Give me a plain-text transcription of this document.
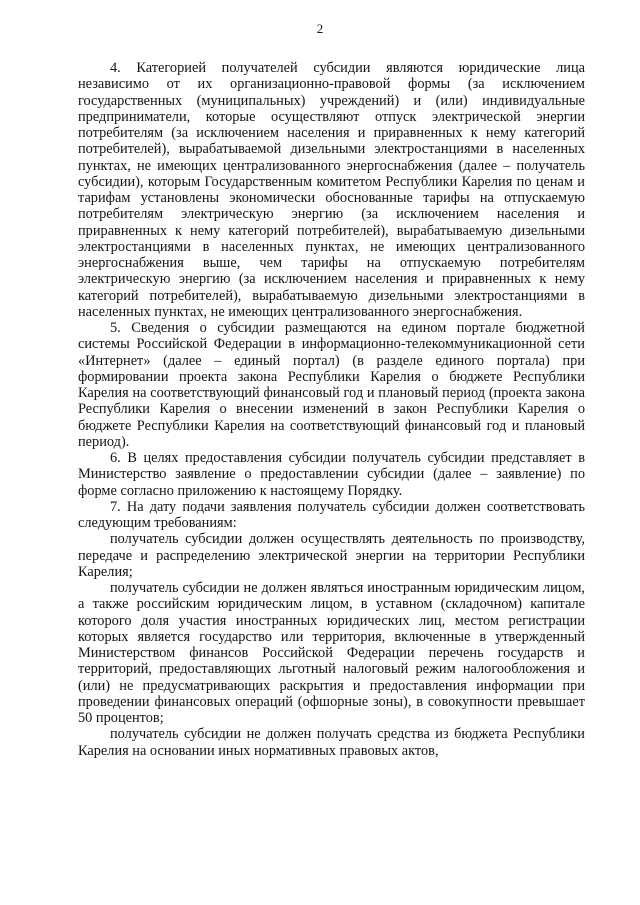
2

4. Категорией получателей субсидии являются юридические лица независимо от их организационно-правовой формы (за исключением государственных (муниципальных) учреждений) и (или) индивидуальные предприниматели, которые осуществляют отпуск электрической энергии потребителям (за исключением населения и приравненных к нему категорий потребителей), вырабатываемой дизельными электростанциями в населенных пунктах, не имеющих централизованного энергоснабжения (далее – получатель субсидии), которым Государственным комитетом Республики Карелия по ценам и тарифам установлены экономически обоснованные тарифы на отпускаемую потребителям электрическую энергию (за исключением населения и приравненных к нему категорий потребителей), вырабатываемую дизельными электростанциями в населенных пунктах, не имеющих централизованного энергоснабжения выше, чем тарифы на отпускаемую потребителям электрическую энергию (за исключением населения и приравненных к нему категорий потребителей), вырабатываемую дизельными электростанциями в населенных пунктах, не имеющих централизованного энергоснабжения.

5. Сведения о субсидии размещаются на едином портале бюджетной системы Российской Федерации в информационно-телекоммуникационной сети «Интернет» (далее – единый портал) (в разделе единого портала) при формировании проекта закона Республики Карелия о бюджете Республики Карелия на соответствующий финансовый год и плановый период (проекта закона Республики Карелия о внесении изменений в закон Республики Карелия о бюджете Республики Карелия на соответствующий финансовый год и плановый период).

6. В целях предоставления субсидии получатель субсидии представляет в Министерство заявление о предоставлении субсидии (далее – заявление) по форме согласно приложению к настоящему Порядку.

7. На дату подачи заявления получатель субсидии должен соответствовать следующим требованиям:

получатель субсидии должен осуществлять деятельность по производству, передаче и распределению электрической энергии на территории Республики Карелия;

получатель субсидии не должен являться иностранным юридическим лицом, а также российским юридическим лицом, в уставном (складочном) капитале которого доля участия иностранных юридических лиц, местом регистрации которых является государство или территория, включенные в утвержденный Министерством финансов Российской Федерации перечень государств и территорий, предоставляющих льготный налоговый режим налогообложения и (или) не предусматривающих раскрытия и предоставления информации при проведении финансовых операций (офшорные зоны), в совокупности превышает 50 процентов;

получатель субсидии не должен получать средства из бюджета Республики Карелия на основании иных нормативных правовых актов,
